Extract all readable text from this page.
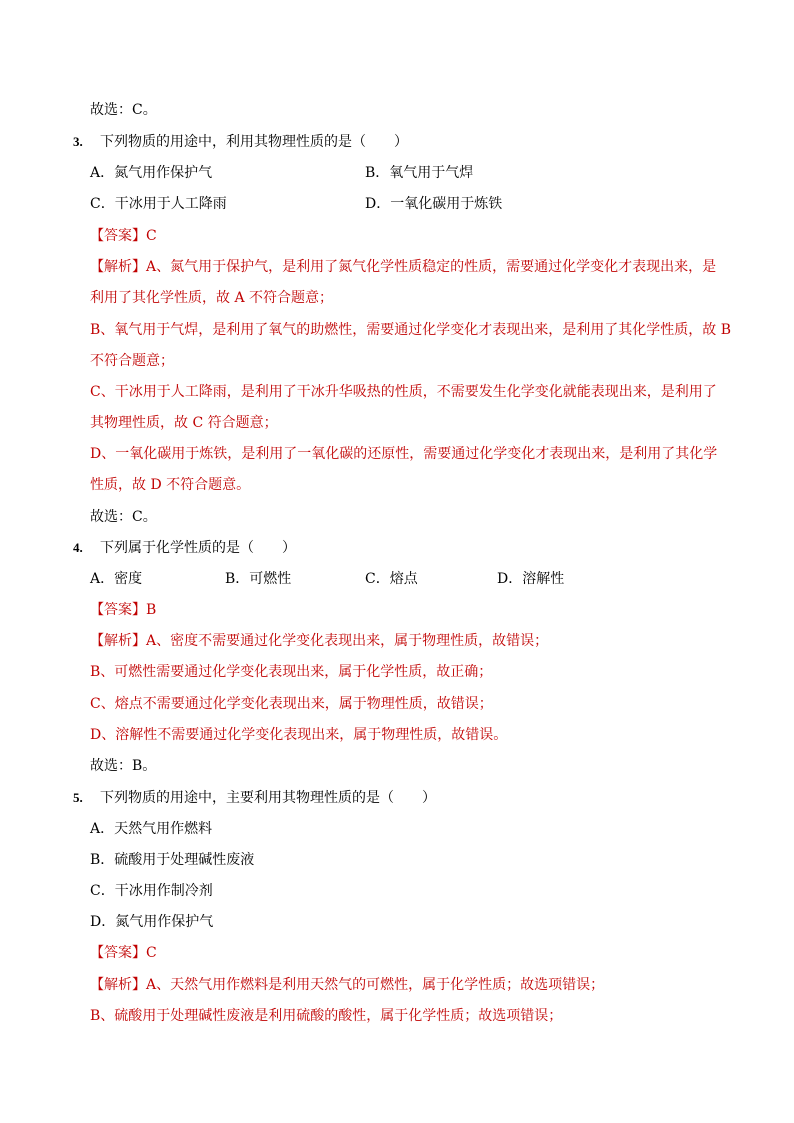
故选：C。
3. 下列物质的用途中，利用其物理性质的是（　　）
A．氮气用作保护气	B．氧气用于气焊
C．干冰用于人工降雨	D．一氧化碳用于炼铁
【答案】C
【解析】A、氮气用于保护气，是利用了氮气化学性质稳定的性质，需要通过化学变化才表现出来，是
利用了其化学性质，故 A 不符合题意；
B、氧气用于气焊，是利用了氧气的助燃性，需要通过化学变化才表现出来，是利用了其化学性质，故 B
不符合题意；
C、干冰用于人工降雨，是利用了干冰升华吸热的性质，不需要发生化学变化就能表现出来，是利用了
其物理性质，故 C 符合题意；
D、一氧化碳用于炼铁，是利用了一氧化碳的还原性，需要通过化学变化才表现出来，是利用了其化学
性质，故 D 不符合题意。
故选：C。
4. 下列属于化学性质的是（　　）
A．密度	B．可燃性	C．熔点	D．溶解性
【答案】B
【解析】A、密度不需要通过化学变化表现出来，属于物理性质，故错误；
B、可燃性需要通过化学变化表现出来，属于化学性质，故正确；
C、熔点不需要通过化学变化表现出来，属于物理性质，故错误；
D、溶解性不需要通过化学变化表现出来，属于物理性质，故错误。
故选：B。
5. 下列物质的用途中，主要利用其物理性质的是（　　）
A．天然气用作燃料
B．硫酸用于处理碱性废液
C．干冰用作制冷剂
D．氮气用作保护气
【答案】C
【解析】A、天然气用作燃料是利用天然气的可燃性，属于化学性质；故选项错误；
B、硫酸用于处理碱性废液是利用硫酸的酸性，属于化学性质；故选项错误；
